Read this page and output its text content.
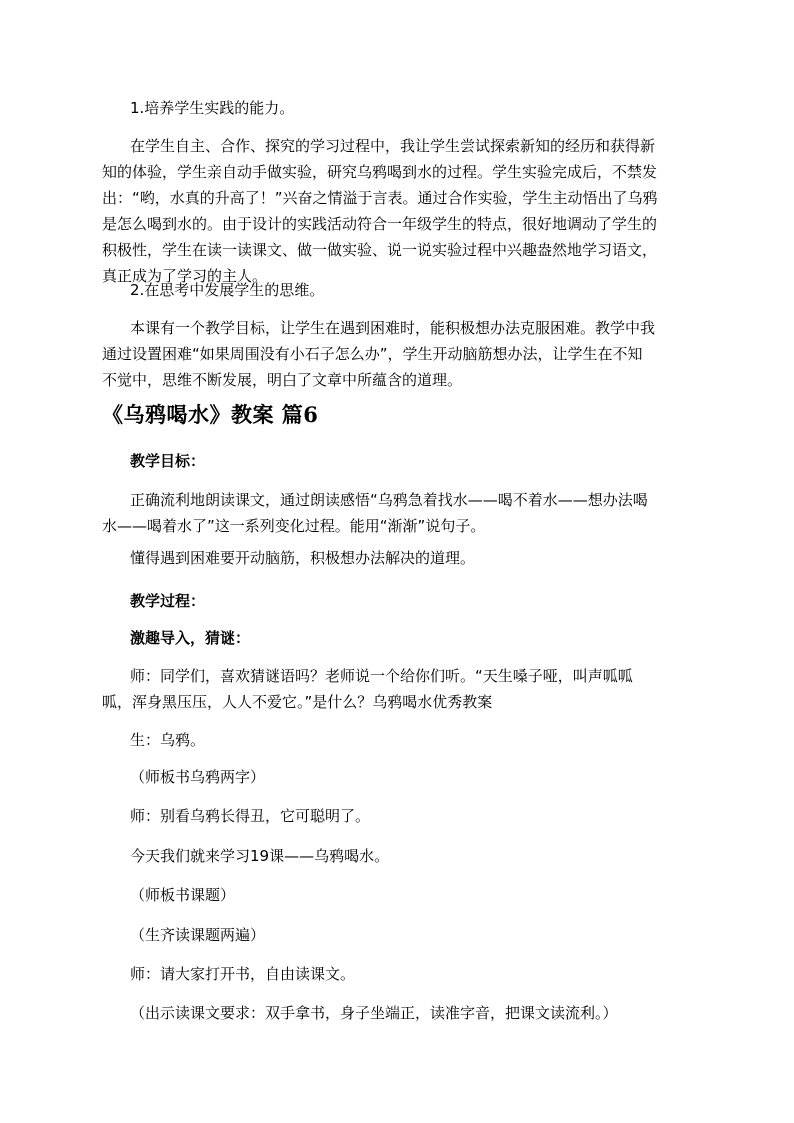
1.培养学生实践的能力。

在学生自主、合作、探究的学习过程中，我让学生尝试探索新知的经历和获得新
知的体验，学生亲自动手做实验，研究乌鸦喝到水的过程。学生实验完成后，不禁发
出：“哟，水真的升高了！”兴奋之情溢于言表。通过合作实验，学生主动悟出了乌鸦
是怎么喝到水的。由于设计的实践活动符合一年级学生的特点，很好地调动了学生的
积极性，学生在读一读课文、做一做实验、说一说实验过程中兴趣盎然地学习语文，
真正成为了学习的主人。

2.在思考中发展学生的思维。

本课有一个教学目标，让学生在遇到困难时，能积极想办法克服困难。教学中我
通过设置困难“如果周围没有小石子怎么办”，学生开动脑筋想办法，让学生在不知
不觉中，思维不断发展，明白了文章中所蕴含的道理。

《乌鸦喝水》教案 篇6

教学目标：

正确流利地朗读课文，通过朗读感悟“乌鸦急着找水——喝不着水——想办法喝
水——喝着水了”这一系列变化过程。能用“渐渐”说句子。

懂得遇到困难要开动脑筋，积极想办法解决的道理。

教学过程：

激趣导入，猜谜：

师：同学们，喜欢猜谜语吗？老师说一个给你们听。“天生嗓子哑，叫声呱呱
呱，浑身黑压压，人人不爱它。”是什么？乌鸦喝水优秀教案

生：乌鸦。

（师板书乌鸦两字）

师：别看乌鸦长得丑，它可聪明了。

今天我们就来学习19课——乌鸦喝水。

（师板书课题）

（生齐读课题两遍）

师：请大家打开书，自由读课文。

（出示读课文要求：双手拿书，身子坐端正，读准字音，把课文读流利。）
